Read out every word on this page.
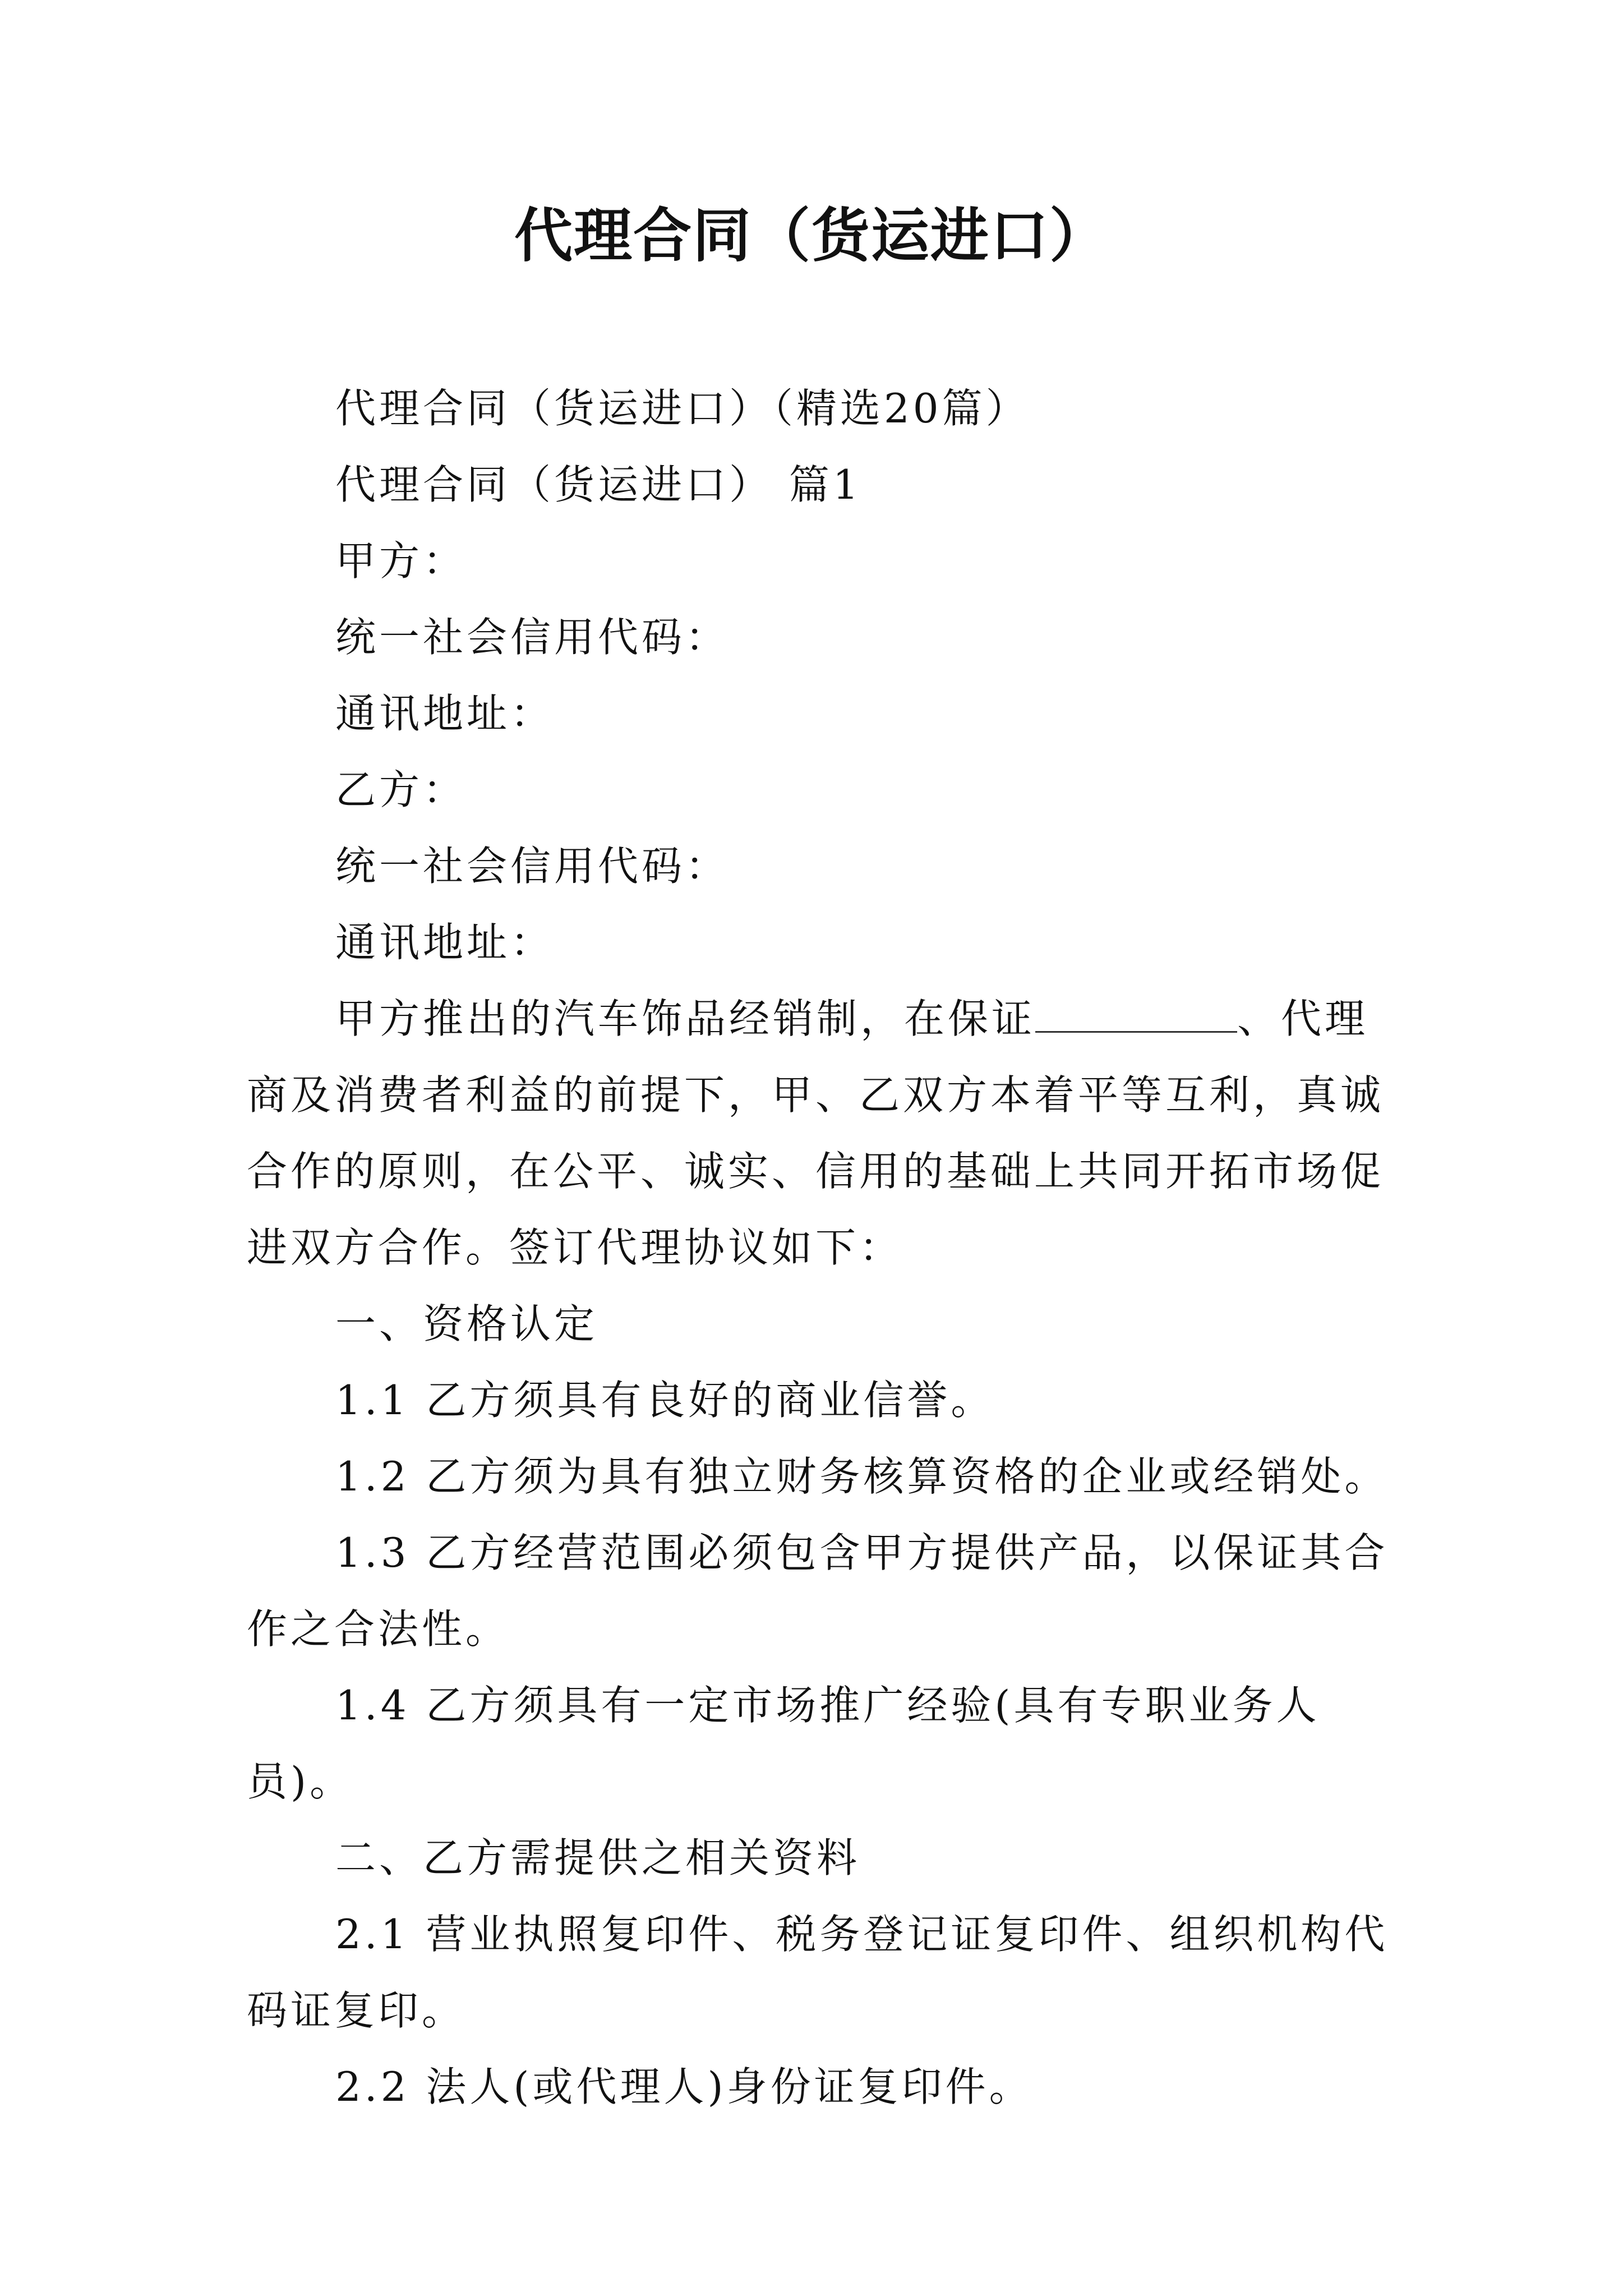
代理合同（货运进口）

代理合同（货运进口）（精选20篇）

代理合同（货运进口） 篇1

甲方：

统一社会信用代码：

通讯地址：

乙方：

统一社会信用代码：

通讯地址：

甲方推出的汽车饰品经销制，在保证	、代理商及消费者利益的前提下，甲、乙双方本着平等互利，真诚合作的原则，在公平、诚实、信用的基础上共同开拓市场促进双方合作。签订代理协议如下：

一、资格认定

1.1 乙方须具有良好的商业信誉。

1.2 乙方须为具有独立财务核算资格的企业或经销处。

1.3 乙方经营范围必须包含甲方提供产品，以保证其合作之合法性。

1.4 乙方须具有一定市场推广经验(具有专职业务人员)。

二、乙方需提供之相关资料

2.1 营业执照复印件、税务登记证复印件、组织机构代码证复印。

2.2 法人(或代理人)身份证复印件。
